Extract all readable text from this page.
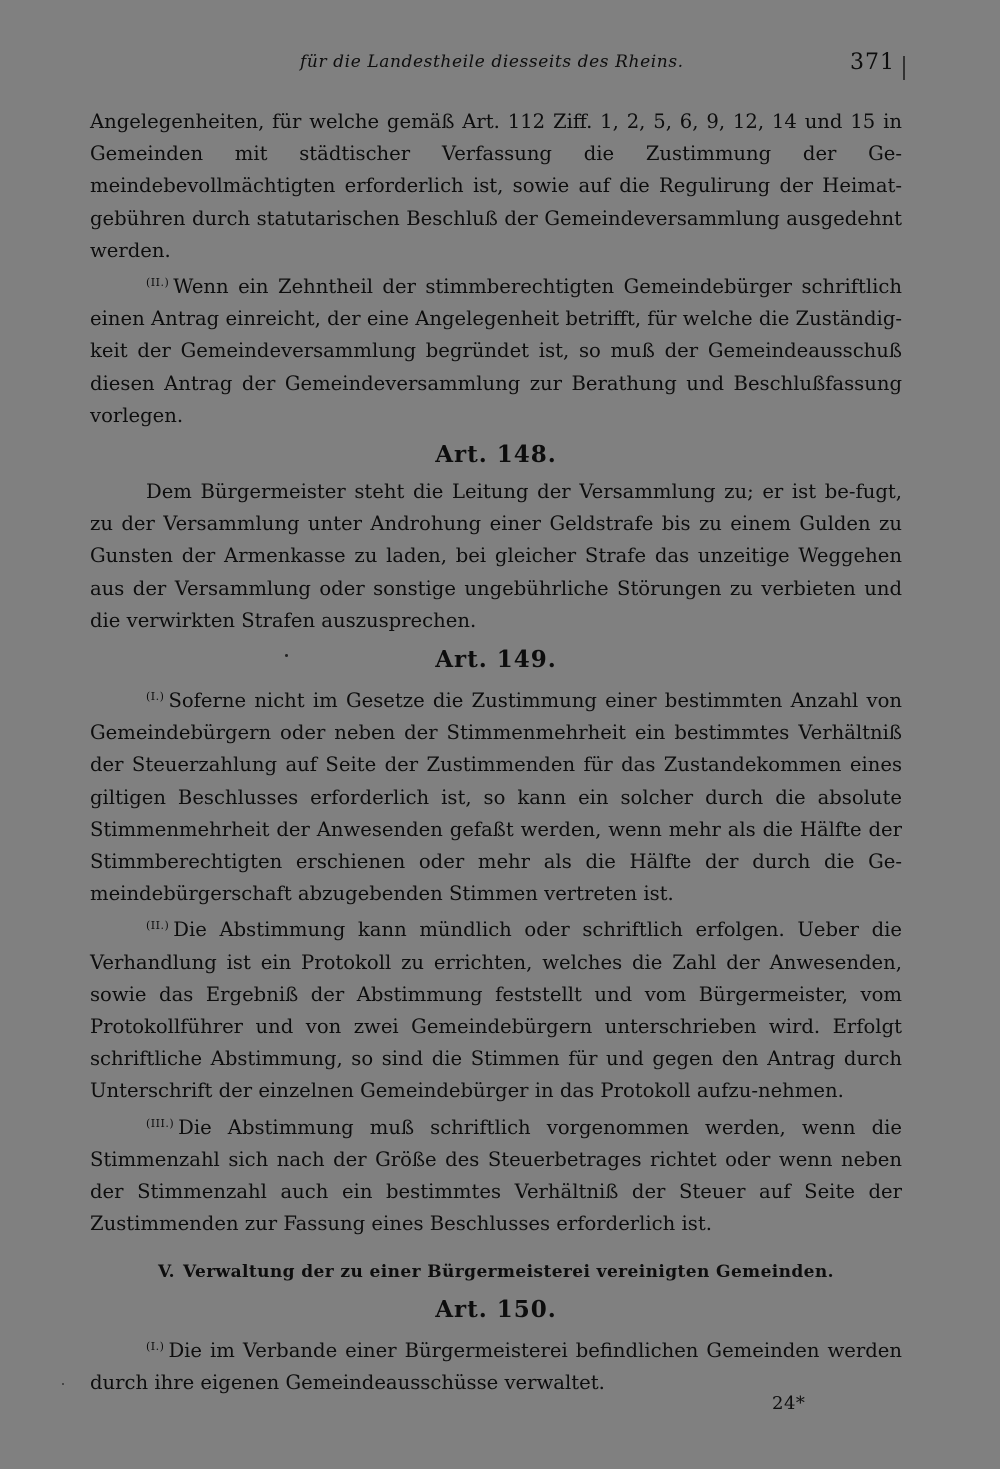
für die Landestheile diesseits des Rheins.	371

Angelegenheiten, für welche gemäß Art. 112 Ziff. 1, 2, 5, 6, 9, 12, 14 und 15 in Gemeinden mit städtischer Verfassung die Zustimmung der Ge-meindebevollmächtigten erforderlich ist, sowie auf die Regulirung der Heimat-gebühren durch statutarischen Beschluß der Gemeindeversammlung ausgedehnt werden.

$^{(II.)}$ Wenn ein Zehntheil der stimmberechtigten Gemeindebürger schriftlich einen Antrag einreicht, der eine Angelegenheit betrifft, für welche die Zuständig-keit der Gemeindeversammlung begründet ist, so muß der Gemeindeausschuß diesen Antrag der Gemeindeversammlung zur Berathung und Beschlußfassung vorlegen.

Art. 148.

Dem Bürgermeister steht die Leitung der Versammlung zu; er ist be-fugt, zu der Versammlung unter Androhung einer Geldstrafe bis zu einem Gulden zu Gunsten der Armenkasse zu laden, bei gleicher Strafe das unzeitige Weggehen aus der Versammlung oder sonstige ungebührliche Störungen zu verbieten und die verwirkten Strafen auszusprechen.

Art. 149.

$^{(I.)}$ Soferne nicht im Gesetze die Zustimmung einer bestimmten Anzahl von Gemeindebürgern oder neben der Stimmenmehrheit ein bestimmtes Verhältniß der Steuerzahlung auf Seite der Zustimmenden für das Zustandekommen eines giltigen Beschlusses erforderlich ist, so kann ein solcher durch die absolute Stimmenmehrheit der Anwesenden gefaßt werden, wenn mehr als die Hälfte der Stimmberechtigten erschienen oder mehr als die Hälfte der durch die Ge-meindebürgerschaft abzugebenden Stimmen vertreten ist.

$^{(II.)}$ Die Abstimmung kann mündlich oder schriftlich erfolgen. Ueber die Verhandlung ist ein Protokoll zu errichten, welches die Zahl der Anwesenden, sowie das Ergebniß der Abstimmung feststellt und vom Bürgermeister, vom Protokollführer und von zwei Gemeindebürgern unterschrieben wird. Erfolgt schriftliche Abstimmung, so sind die Stimmen für und gegen den Antrag durch Unterschrift der einzelnen Gemeindebürger in das Protokoll aufzu-nehmen.

$^{(III.)}$ Die Abstimmung muß schriftlich vorgenommen werden, wenn die Stimmenzahl sich nach der Größe des Steuerbetrages richtet oder wenn neben der Stimmenzahl auch ein bestimmtes Verhältniß der Steuer auf Seite der Zustimmenden zur Fassung eines Beschlusses erforderlich ist.

V. Verwaltung der zu einer Bürgermeisterei vereinigten Gemeinden.
Art. 150.

$^{(I.)}$ Die im Verbande einer Bürgermeisterei befindlichen Gemeinden werden durch ihre eigenen Gemeindeausschüsse verwaltet.

24*
